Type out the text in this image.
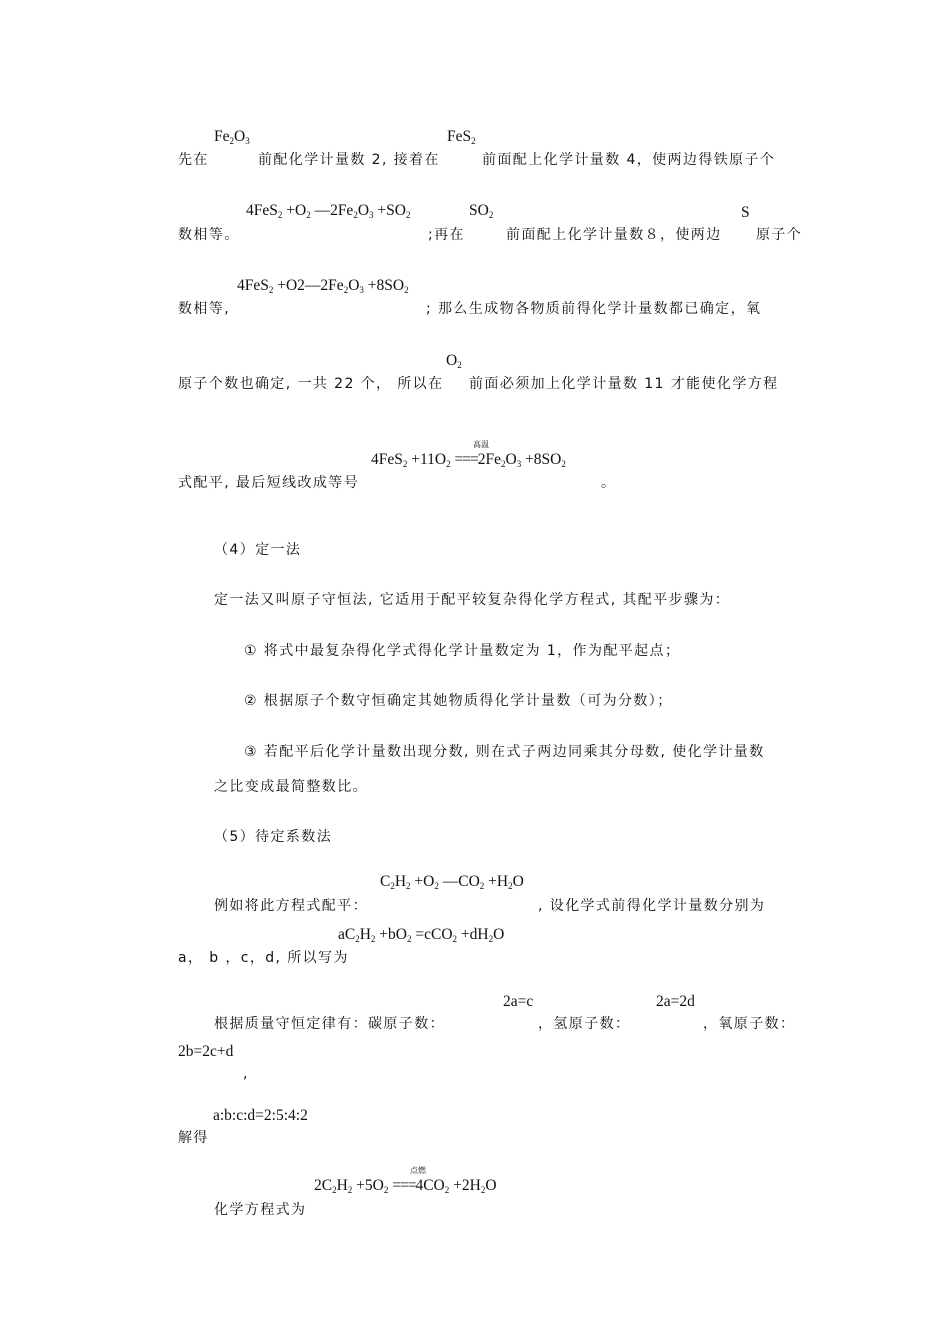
$Fe_2O_3$	FeS$_2$
先在	前配化学计量数 2, 接着在	前面配上化学计量数 4，使两边得铁原子个
$4FeS_2 +O_2$ $—2Fe_2O_3 +SO_2$	$SO_2$	S
数相等。	;再在	前面配上化学计量数８，使两边 原子个
$4FeS_2 +O2—2Fe_2O_3 +8SO_2$
数相等,	; 那么生成物各物质前得化学计量数都已确定，氧
$O_2$
原子个数也确定, 一共 22 个， 所以在 前面必须加上化学计量数 11 才能使化学方程
高温
$4FeS_2 +11O_2 ===2Fe_2O_3 +8SO_2$
式配平, 最后短线改成等号	。
（4）定一法
定一法又叫原子守恒法, 它适用于配平较复杂得化学方程式, 其配平步骤为：
① 将式中最复杂得化学式得化学计量数定为 1，作为配平起点；
② 根据原子个数守恒确定其她物质得化学计量数（可为分数）；
③ 若配平后化学计量数出现分数, 则在式子两边同乘其分母数, 使化学计量数
之比变成最简整数比。
（5）待定系数法
$C_2H_2 +O_2$ $—CO_2 +H_2O$
例如将此方程式配平：	, 设化学式前得化学计量数分别为
$aC_2H_2 +bO_2 =cCO_2 +dH_2O$
a， b ，c，d, 所以写为
2a=c	2a=2d
根据质量守恒定律有：碳原子数：	，氢原子数：	，氧原子数：
2b=2c+d
,
a:b:c:d=2:5:4:2
解得
点燃
$2C_2H_2 +5O_2 ===4CO_2 +2H_2O$
化学方程式为
